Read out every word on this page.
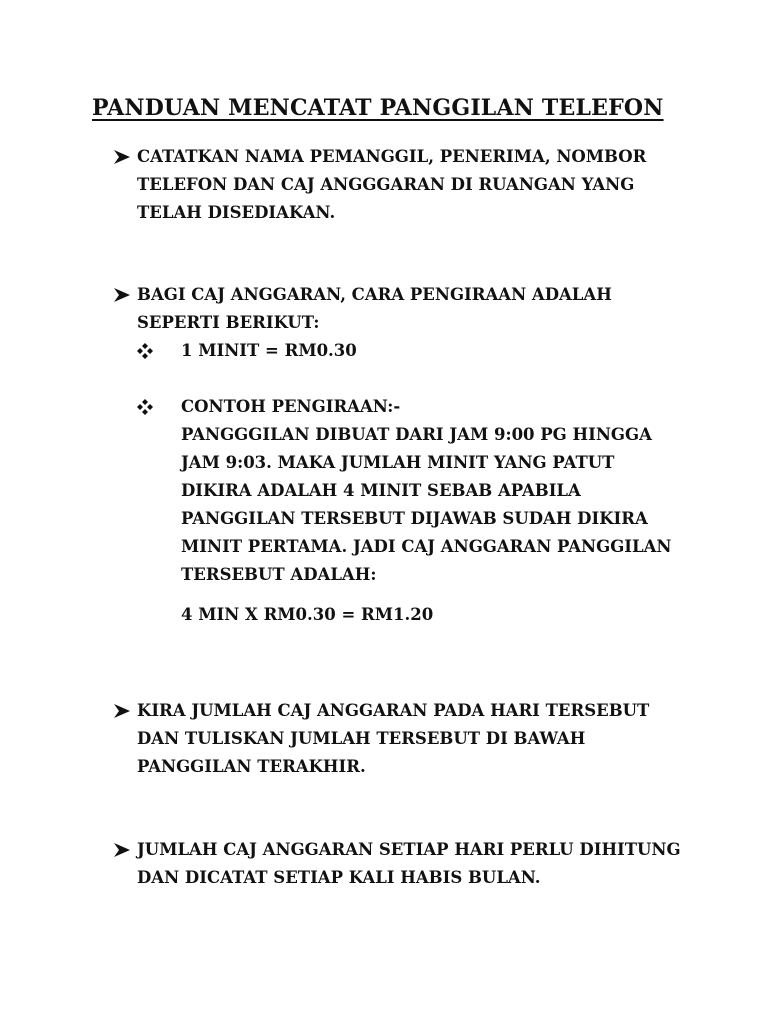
PANDUAN MENCATAT PANGGILAN TELEFON
CATATKAN NAMA PEMANGGIL, PENERIMA, NOMBOR TELEFON DAN CAJ ANGGGARAN DI RUANGAN YANG TELAH DISEDIAKAN.
BAGI CAJ ANGGARAN, CARA PENGIRAAN ADALAH SEPERTI BERIKUT:
1 MINIT = RM0.30
CONTOH PENGIRAAN:-
PANGGGILAN DIBUAT DARI JAM 9:00 PG HINGGA JAM 9:03. MAKA JUMLAH MINIT YANG PATUT DIKIRA ADALAH 4 MINIT SEBAB APABILA PANGGILAN TERSEBUT DIJAWAB SUDAH DIKIRA MINIT PERTAMA. JADI CAJ ANGGARAN PANGGILAN TERSEBUT ADALAH:
4 MIN X RM0.30 = RM1.20
KIRA JUMLAH CAJ ANGGARAN PADA HARI TERSEBUT DAN TULISKAN JUMLAH TERSEBUT DI BAWAH PANGGILAN TERAKHIR.
JUMLAH CAJ ANGGARAN SETIAP HARI PERLU DIHITUNG DAN DICATAT SETIAP KALI HABIS BULAN.
